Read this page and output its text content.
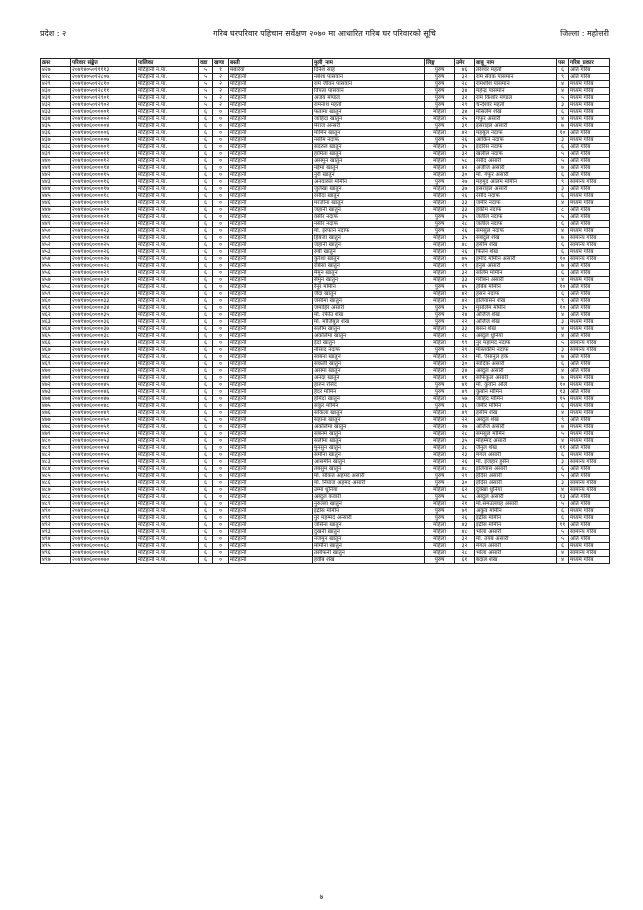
प्रदेश : २	गरिब घरपरिवार पहिचान सर्वेक्षण २०७० मा आधारित गरिब घर परिवारको सूचि	जिल्ला : महोत्तरी
क्रस	परिवार संङ्केत	पालिका	वडा	खण्ड	बस्ती	मुली_नाम	लिङ्ग	उमेर	बाबु_नाम	पस	गरिब_प्रकार
४२७	२०४१४०५०११११३	मटिहानी न.पा.	५	१	मबारेवा	दिनेश साह	पुरुष	४६	तरेश्वर महतो	६	अति गरिब
४२८	२०४१४०५०१२८०७	मटिहानी न.पा.	५	२	मटिहानी	नबेशा पासवान	पुरुष	३२	राम सेवक पासमान	९	अति गरिब
४२९	२०४१४०५०१२८१०	मटिहानी न.पा.	५	२	मटिहानी	राम जीवन पासवान	पुरुष	२८	रामशीश पासमान	४	मध्यम गरिब
४३०	२०४१४०५०१२८११	मटिहानी न.पा.	५	२	मटिहानी	विपता पासवान	पुरुष	३४	महेन्द्र पासमान	४	मध्यम गरिब
४३१	२०४१४०५०१२९०१	मटिहानी न.पा.	५	२	मटिहानी	अजय मण्डल	पुरुष	३२	राम किशोर मण्डल	५	मध्यम गरिब
४३२	२०४१४०५०१२९०२	मटिहानी न.पा.	५	२	मटिहानी	रामनाथ महतो	पुरुष	२९	चन्देश्वर महतो	३	मध्यम गरिब
४३३	२०४१४०६०००००१	मटिहानी न.पा.	६	०	मटिहानी	फतामा खातुन	महिला	३४	मोसलेम शेख	६	मध्यम गरिब
४३४	२०४१४०६०००००२	मटिहानी न.पा.	६	०	मटिहानी	जाहिदा खातुन	महिला	२५	गफुर अंसारी	४	मध्यम गरिब
४३५	२०४१४०६०००००४	मटिहानी न.पा.	६	०	मटिहानी	मेराज अन्सरी	पुरुष	३१	इसराइल अंसारी	७	मध्यम गरिब
४३६	२०४१४०६०००००६	मटिहानी न.पा.	६	०	मटिहानी	मोमिन खातुन	महिला	४२	महबुल नदाफ	१०	अति गरिब
४३७	२०४१४०६०००००७	मटिहानी न.पा.	६	०	मटिहानी	नसीम नदाफ	पुरुष	२६	आकिन नदाफ	३	मध्यम गरिब
४३८	२०४१४०६०००००९	मटिहानी न.पा.	६	०	मटिहानी	सदरुल खातुन	महिला	३५	इदरिस नदाफ	६	अति गरिब
४३९	२०४१४०६००००११	मटिहानी न.पा.	६	०	मटिहानी	हामिता खातुन	महिला	३२	खलील नदाफ	५	अति गरिब
४४०	२०४१४०६००००१२	मटिहानी न.पा.	६	०	मटिहानी	असमुन खातुन	महिला	५८	रसीद अंसारी	५	अति गरिब
४४१	२०४१४०६००००१४	मटिहानी न.पा.	६	०	मटिहानी	नईमा खातुन	महिला	४२	अजीज अंसारी	७	अति गरिब
४४२	२०४१४०६००००१५	मटिहानी न.पा.	६	०	मटिहानी	नुरी खातुन	महिला	३०	मो. गफुर अंसारी	६	अति गरिब
४४३	२०४१४०६००००१६	मटिहानी न.पा.	६	०	मटिहानी	अनवारुल मोमीन	पुरुष	२७	महमुद आलम मोमीन	९	सामान्य गरिब
४४४	२०४१४०६००००१७	मटिहानी न.पा.	६	०	मटिहानी	जुलेखा खातुन	महिला	३७	इसराइल अंसारी	३	अति गरिब
४४५	२०४१४०६००००१८	मटिहानी न.पा.	६	०	मटिहानी	रसीदा खातुन	महिला	२६	रसीद नदाफ	६	मध्यम गरिब
४४६	२०४१४०६००००१९	मटिहानी न.पा.	६	०	मटिहानी	मरजीना खातुन	महिला	३३	जमीर नदाफ	४	मध्यम गरिब
४४७	२०४१४०६००००२०	मटिहानी न.पा.	६	०	मटिहानी	जहानी खातुन	महिला	३३	हकीम नदाफ	८	अति गरिब
४४८	२०४१४०६००००२१	मटिहानी न.पा.	६	०	मटिहानी	वसीर नदाफ	पुरुष	३५	जलील नदाफ	५	अति गरिब
४४९	२०४१४०६००००२२	मटिहानी न.पा.	६	०	मटिहानी	नसीर नदाफ	पुरुष	२८	जलील नदाफ	६	अति गरिब
४५०	२०४१४०६००००२३	मटिहानी न.पा.	६	०	मटिहानी	मो. इरफान नदाफ	पुरुष	२६	समसुल नदाफ	४	मध्यम गरिब
४५१	२०४१४०६००००२४	मटिहानी न.पा.	६	०	मटिहानी	हिबजा खातुन	महिला	३५	सबदुल शेख	७	सामान्य गरिब
४५२	२०४१४०६००००२५	मटिहानी न.पा.	६	०	मटिहानी	जहानी खातुन	महिला	४८	हसीम शेख	६	सामान्य गरिब
४५३	२०४१४०६००००२६	मटिहानी न.पा.	६	०	मटिहानी	रुबी खातुन	महिला	२६	फितन शेख	६	मध्यम गरिब
४५४	२०४१४०६००००२७	मटिहानी न.पा.	६	०	मटिहानी	कुरैशा खातुन	महिला	७५	हमीद मोमीन अंसारी	१०	सामान्य गरिब
४५५	२०४१४०६००००२८	मटिहानी न.पा.	६	०	मटिहानी	रबिसा खातुन	महिला	२९	इनुस अंसारी	७	अति गरिब
४५६	२०४१४०६००००२९	मटिहानी न.पा.	६	०	मटिहानी	मैमुन खातुन	महिला	३२	सलिम मोमीन	६	अति गरिब
४५७	२०४१४०६००००३०	मटिहानी न.पा.	६	०	मटिहानी	सैमुन खातुन	महिला	३३	गरीबन अंसारी	४	मध्यम गरिब
४५८	२०४१४०६००००३१	मटिहानी न.पा.	६	०	मटिहानी	रैनुर मोमीन	पुरुष	४५	हबिब मोमीन	१०	अति गरिब
४५९	२०४१४०६००००३२	मटिहानी न.पा.	६	०	मटिहानी	जैदा खातुन	महिला	४२	हसन नदाफ	६	अति गरिब
४६०	२०४१४०६००००३३	मटिहानी न.पा.	६	०	मटिहानी	जसीमा खातुन	महिला	४२	इलियासन शेख	९	अति गरिब
४६१	२०४१४०६००००३४	मटिहानी न.पा.	६	०	मटिहानी	जमाहिर अंसारी	पुरुष	३५	मुसलिम मोमीन	१०	अति गरिब
४६२	२०४१४०६००००३५	मटिहानी न.पा.	६	०	मटिहानी	मो. रफीउ शेख	पुरुष	२४	अजिज शेख	४	अति गरिब
४६३	२०४१४०६००००३६	मटिहानी न.पा.	६	०	मटिहानी	मो. मोजिबुल शेख	पुरुष	२२	अजिज शेख	३	मध्यम गरिब
४६४	२०४१४०६००००३७	मटिहानी न.पा.	६	०	मटिहानी	सलीम खातुन	महिला	३३	बसन शेख	४	मध्यम गरिब
४६५	२०४१४०६००००३८	मटिहानी न.पा.	६	०	मटिहानी	अकलिमा खातुन	महिला	२८	अब्दुल धुनिया	४	अति गरिब
४६६	२०४१४०६००००३९	मटिहानी न.पा.	६	०	मटिहानी	ईदो खातुन	महिला	१९	नुर महामद नदाफ	५	सामान्य गरिब
४६७	२०४१४०६००००४०	मटिहानी न.पा.	६	०	मटिहानी	नौसाद नदाफ	पुरुष	२९	मोस्तकीम नदाफ	३	सामान्य गरिब
४६८	२०४१४०६००००४१	मटिहानी न.पा.	६	०	मटिहानी	साबना खातुन	महिला	२२	मो. ऐसानुल हक	७	अति गरिब
४६९	२०४१४०६००००४२	मटिहानी न.पा.	६	०	मटिहानी	सकली खातुन	महिला	३०	सादिक अंसारी	६	अति गरिब
४७०	२०४१४०६००००४३	मटिहानी न.पा.	६	०	मटिहानी	असमा खातुन	महिला	३४	अब्दुल अंसारी	४	अति गरिब
४७१	२०४१४०६००००४४	मटिहानी न.पा.	६	०	मटिहानी	अनदा खातुन	महिला	४१	सफिकुल अंसारी	७	मध्यम गरिब
४७२	२०४१४०६००००४५	मटिहानी न.पा.	६	०	मटिहानी	हारुन रसिद	पुरुष	४१	मो. कुर्वान अलि	१०	मध्यम गरिब
४७३	२०४१४०६००००४६	मटिहानी न.पा.	६	०	मटिहानी	हैदर मोमिन	पुरुष	४९	कुर्बान मोमिन	१३	अति गरिब
४७४	२०४१४०६००००४७	मटिहानी न.पा.	६	०	मटिहानी	हमिदा खातुन	महिला	५७	जाहिद मोमिन	१५	मध्यम गरिब
४७५	२०४१४०६००००४८	मटिहानी न.पा.	६	०	मटिहानी	सकुर मोमिन	पुरुष	३६	जमीर मोमिन	६	मध्यम गरिब
४७६	२०४१४०६००००४९	मटिहानी न.पा.	६	०	मटिहानी	सकिला खातुन	महिला	४९	हसीम शेख	४	मध्यम गरिब
४७७	२०४१४०६००००५०	मटिहानी न.पा.	६	०	मटिहानी	सहाना खातुन	महिला	२२	अब्दुल शेख	९	अति गरिब
४७८	२०४१४०६००००५१	मटिहानी न.पा.	६	०	मटिहानी	अकलिमा खातुन	महिला	२७	अजिज अंसारी	७	मध्यम गरिब
४७९	२०४१४०६००००५२	मटिहानी न.पा.	६	०	मटिहानी	सबनम खातुन	महिला	२८	समसुल मोमिन	५	मध्यम गरिब
४८०	२०४१४०६००००५३	मटिहानी न.पा.	६	०	मटिहानी	सलीमा खातुन	महिला	३५	मोहम्मद अंसारी	४	मध्यम गरिब
४८१	२०४१४०६००००५४	मटिहानी न.पा.	६	०	मटिहानी	मुनसुन खातुन	महिला	३८	जैनुल शेख	११	अति गरिब
४८२	२०४१४०६००००५५	मटिहानी न.पा.	६	०	मटिहानी	समीना खातुन	महिला	२३	मंगल अंसारी	६	मध्यम गरिब
४८३	२०४१४०६००००५६	मटिहानी न.पा.	६	०	मटिहानी	आसमीन खातुन	महिला	२६	मो. इजहार हुसैन	३	सामान्य गरिब
४८४	२०४१४०६००००५७	मटिहानी न.पा.	६	०	मटिहानी	तबसुम खातुन	महिला	४८	इलियास अंसारी	६	अति गरिब
४८५	२०४१४०६००००५८	मटिहानी न.पा.	६	०	मटिहानी	मो. सौकत अहमद अंसारी	पुरुष	२९	हदिस अंसारी	५	अति गरिब
४८६	२०४१४०६००००५९	मटिहानी न.पा.	६	०	मटिहानी	मो. नियाज अहमद अंसारी	पुरुष	३०	हदिस अंसारी	३	सामान्य गरिब
४८७	२०४१४०६००००६०	मटिहानी न.पा.	६	०	मटिहानी	उम्मा धुनिया	महिला	६२	दुक्खा धुनिया	४	सामान्य गरिब
४८८	२०४१४०६००००६१	मटिहानी न.पा.	६	०	मटिहानी	अब्दुल कवारी	पुरुष	५८	अब्दुल अंसारी	१३	अति गरिब
४८९	२०४१४०६००००६२	मटिहानी न.पा.	६	०	मटिहानी	नुरुल्ला खातुन	महिला	२१	मो.समउल्लाह अंसारी	५	अति गरिब
४९०	२०४१४०६००००६३	मटिहानी न.पा.	६	०	मटिहानी	इद्रीस मोमीन	पुरुष	७९	अकुव मोमीन	६	मध्यम गरिब
४९१	२०४१४०६००००६४	मटिहानी न.पा.	६	०	मटिहानी	नुर महम्मद अन्सारी	पुरुष	२६	इद्रीस मोमीन	६	मध्यम गरिब
४९२	२०४१४०६००००६५	मटिहानी न.पा.	६	०	मटिहानी	जसिना खातुन	महिला	४३	इद्रीस मोमीन	११	अति गरिब
४९३	२०४१४०६००००६६	मटिहानी न.पा.	६	०	मटिहानी	दुखनी खातुन	महिला	४८	भोला अंसारी	५	सामान्य गरिब
४९४	२०४१४०६००००६७	मटिहानी न.पा.	६	०	मटिहानी	नजमुन खातुन	महिला	३२	मो. तयब अंसारी	५	अति गरिब
४९५	२०४१४०६००००६८	मटिहानी न.पा.	६	०	मटिहानी	मोमीना खातुन	महिला	३२	मंगल अंसारी	६	मध्यम गरिब
४९६	२०४१४०६००००६९	मटिहानी न.पा.	६	०	मटिहानी	तसीफनी खातुन	महिला	२८	भोला अंसारी	४	सामान्य गरिब
४९७	२०४१४०६००००७०	मटिहानी न.पा.	६	०	मटिहानी	हवीब शेख	पुरुष	६१	बदाल शेख	४	मध्यम गरिब
७
